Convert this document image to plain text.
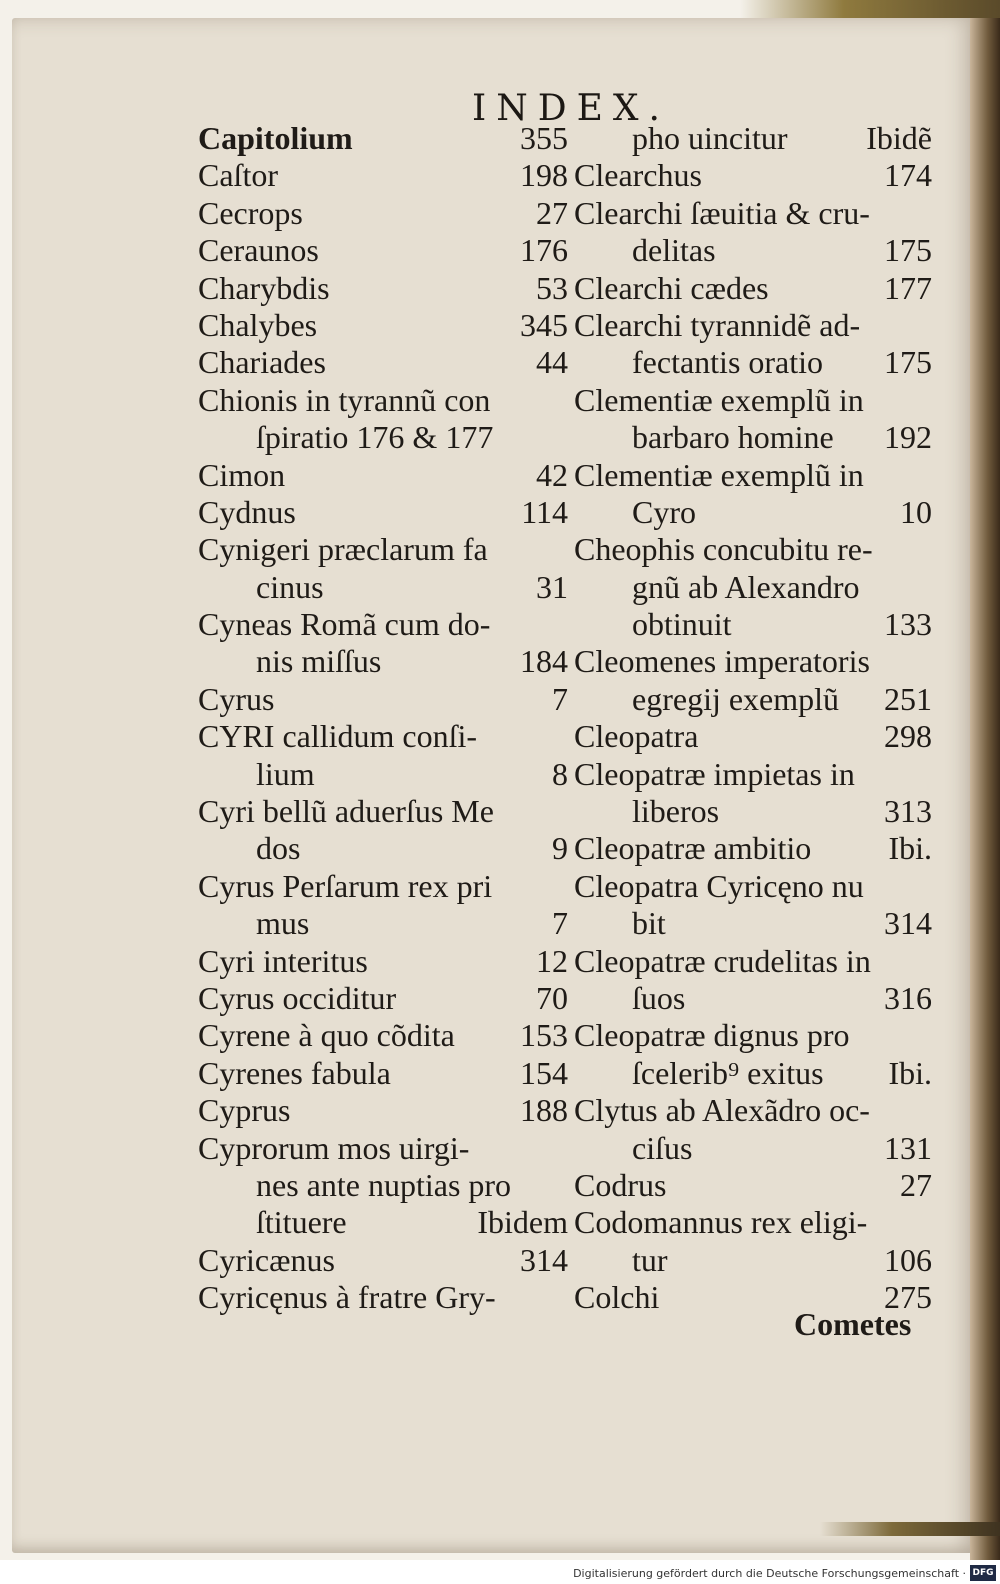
INDEX.
Capitolium	355
Caſtor	198
Cecrops	27
Ceraunos	176
Charybdis	53
Chalybes	345
Chariades	44
Chionis in tyrannũ con
ſpiratio 176 & 177
Cimon	42
Cydnus	114
Cynigeri præclarum fa
cinus	31
Cyneas Romã cum do-
nis miſſus	184
Cyrus	7
CYRI callidum conſi-
lium	8
Cyri bellũ aduerſus Me
dos	9
Cyrus Perſarum rex pri
mus	7
Cyri interitus	12
Cyrus occiditur	70
Cyrene à quo cõdita 153
Cyrenes fabula	154
Cyprus	188
Cyprorum mos uirgi-
nes ante nuptias pro
ſtituere	Ibidem
Cyricænus	314
Cyricęnus à fratre Gry-
pho uincitur Ibidẽ
Clearchus	174
Clearchi ſæuitia & cru-
delitas	175
Clearchi cædes	177
Clearchi tyrannidẽ ad-
fectantis oratio 175
Clementiæ exemplũ in
barbaro homine 192
Clementiæ exemplũ in
Cyro	10
Cheophis concubitu re-
gnũ ab Alexandro
obtinuit	133
Cleomenes imperatoris
egregij exemplũ 251
Cleopatra	298
Cleopatræ impietas in
liberos	313
Cleopatræ ambitio Ibi.
Cleopatra Cyricęno nu
bit	314
Cleopatræ crudelitas in
ſuos	316
Cleopatræ dignus pro
ſcelerib⁹ exitus Ibi.
Clytus ab Alexãdro oc-
ciſus	131
Codrus	27
Codomannus rex eligi-
tur	106
Colchi	275
Cometes
Digitalisierung gefördert durch die Deutsche Forschungsgemeinschaft · DFG
